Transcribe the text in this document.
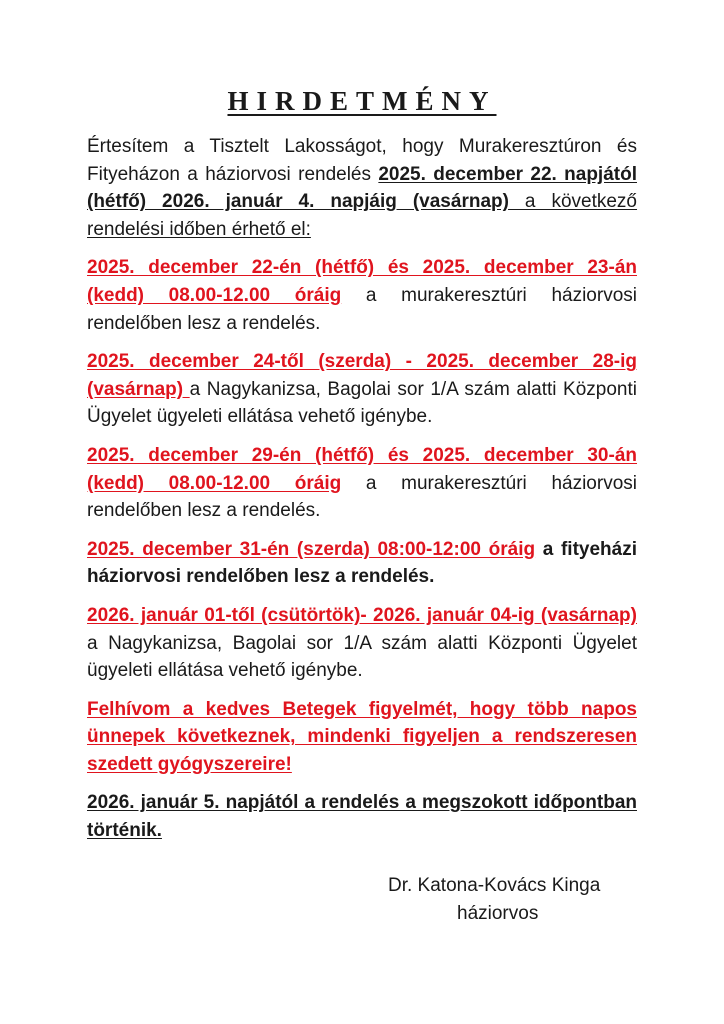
HIRDETMÉNY

Értesítem a Tisztelt Lakosságot, hogy Murakeresztúron és Fityeházon a háziorvosi rendelés 2025. december 22. napjától (hétfő) 2026. január 4. napjáig (vasárnap) a következő rendelési időben érhető el:

2025. december 22-én (hétfő) és 2025. december 23-án (kedd) 08.00-12.00 óráig a murakeresztúri háziorvosi rendelőben lesz a rendelés.

2025. december 24-től (szerda) - 2025. december 28-ig (vasárnap) a Nagykanizsa, Bagolai sor 1/A szám alatti Központi Ügyelet ügyeleti ellátása vehető igénybe.

2025. december 29-én (hétfő) és 2025. december 30-án (kedd) 08.00-12.00 óráig a murakeresztúri háziorvosi rendelőben lesz a rendelés.

2025. december 31-én (szerda) 08:00-12:00 óráig a fityeházi háziorvosi rendelőben lesz a rendelés.

2026. január 01-től (csütörtök)- 2026. január 04-ig (vasárnap) a Nagykanizsa, Bagolai sor 1/A szám alatti Központi Ügyelet ügyeleti ellátása vehető igénybe.

Felhívom a kedves Betegek figyelmét, hogy több napos ünnepek következnek, mindenki figyeljen a rendszeresen szedett gyógyszereire!

2026. január 5. napjától a rendelés a megszokott időpontban történik.

Dr. Katona-Kovács Kinga
háziorvos
